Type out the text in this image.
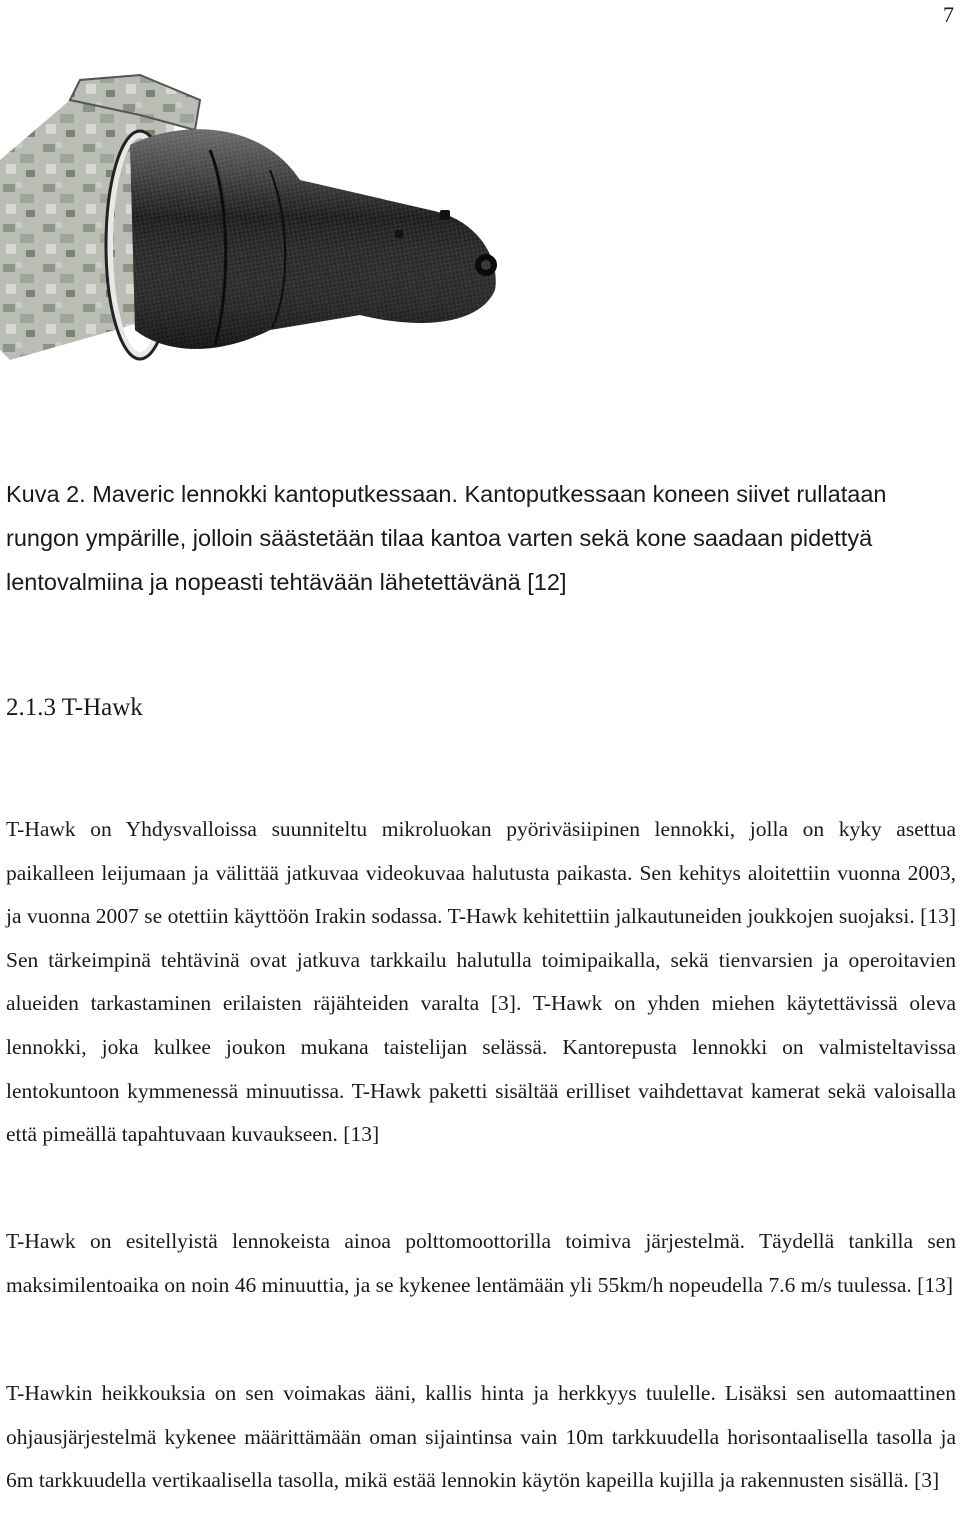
7

Kuva 2. Maveric lennokki kantoputkessaan. Kantoputkessaan koneen siivet rullataan rungon ympärille, jolloin säästetään tilaa kantoa varten sekä kone saadaan pidettyä lentovalmiina ja nopeasti tehtävään lähetettävänä [12]

2.1.3 T-Hawk

T-Hawk on Yhdysvalloissa suunniteltu mikroluokan pyöriväsiipinen lennokki, jolla on kyky asettua paikalleen leijumaan ja välittää jatkuvaa videokuvaa halutusta paikasta. Sen kehitys aloitettiin vuonna 2003, ja vuonna 2007 se otettiin käyttöön Irakin sodassa. T-Hawk kehitettiin jalkautuneiden joukkojen suojaksi. [13] Sen tärkeimpinä tehtävinä ovat jatkuva tarkkailu halutulla toimipaikalla, sekä tienvarsien ja operoitavien alueiden tarkastaminen erilaisten räjähteiden varalta [3]. T-Hawk on yhden miehen käytettävissä oleva lennokki, joka kulkee joukon mukana taistelijan selässä. Kantorepusta lennokki on valmisteltavissa lentokuntoon kymmenessä minuutissa. T-Hawk paketti sisältää erilliset vaihdettavat kamerat sekä valoisalla että pimeällä tapahtuvaan kuvaukseen. [13]

T-Hawk on esitellyistä lennokeista ainoa polttomoottorilla toimiva järjestelmä. Täydellä tankilla sen maksimilentoaika on noin 46 minuuttia, ja se kykenee lentämään yli 55km/h nopeudella 7.6 m/s tuulessa. [13]

T-Hawkin heikkouksia on sen voimakas ääni, kallis hinta ja herkkyys tuulelle. Lisäksi sen automaattinen ohjausjärjestelmä kykenee määrittämään oman sijaintinsa vain 10m tarkkuudella horisontaalisella tasolla ja 6m tarkkuudella vertikaalisella tasolla, mikä estää lennokin käytön kapeilla kujilla ja rakennusten sisällä. [3]
